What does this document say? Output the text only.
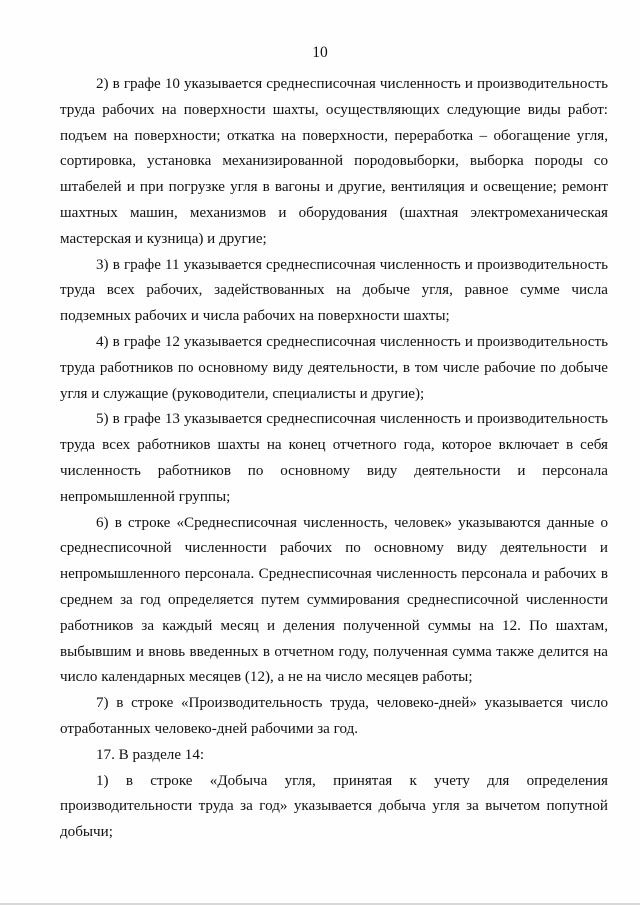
10

2) в графе 10 указывается среднесписочная численность и производительность труда рабочих на поверхности шахты, осуществляющих следующие виды работ: подъем на поверхности; откатка на поверхности, переработка – обогащение угля, сортировка, установка механизированной породовыборки, выборка породы со штабелей и при погрузке угля в вагоны и другие, вентиляция и освещение; ремонт шахтных машин, механизмов и оборудования (шахтная электромеханическая мастерская и кузница) и другие;

3) в графе 11 указывается среднесписочная численность и производительность труда всех рабочих, задействованных на добыче угля, равное сумме числа подземных рабочих и числа рабочих на поверхности шахты;

4) в графе 12 указывается среднесписочная численность и производительность труда работников по основному виду деятельности, в том числе рабочие по добыче угля и служащие (руководители, специалисты и другие);

5) в графе 13 указывается среднесписочная численность и производительность труда всех работников шахты на конец отчетного года, которое включает в себя численность работников по основному виду деятельности и персонала непромышленной группы;

6) в строке «Среднесписочная численность, человек» указываются данные о среднесписочной численности рабочих по основному виду деятельности и непромышленного персонала. Среднесписочная численность персонала и рабочих в среднем за год определяется путем суммирования среднесписочной численности работников за каждый месяц и деления полученной суммы на 12. По шахтам, выбывшим и вновь введенных в отчетном году, полученная сумма также делится на число календарных месяцев (12), а не на число месяцев работы;

7) в строке «Производительность труда, человеко-дней» указывается число отработанных человеко-дней рабочими за год.

17. В разделе 14:

1) в строке «Добыча угля, принятая к учету для определения производительности труда за год» указывается добыча угля за вычетом попутной добычи;
